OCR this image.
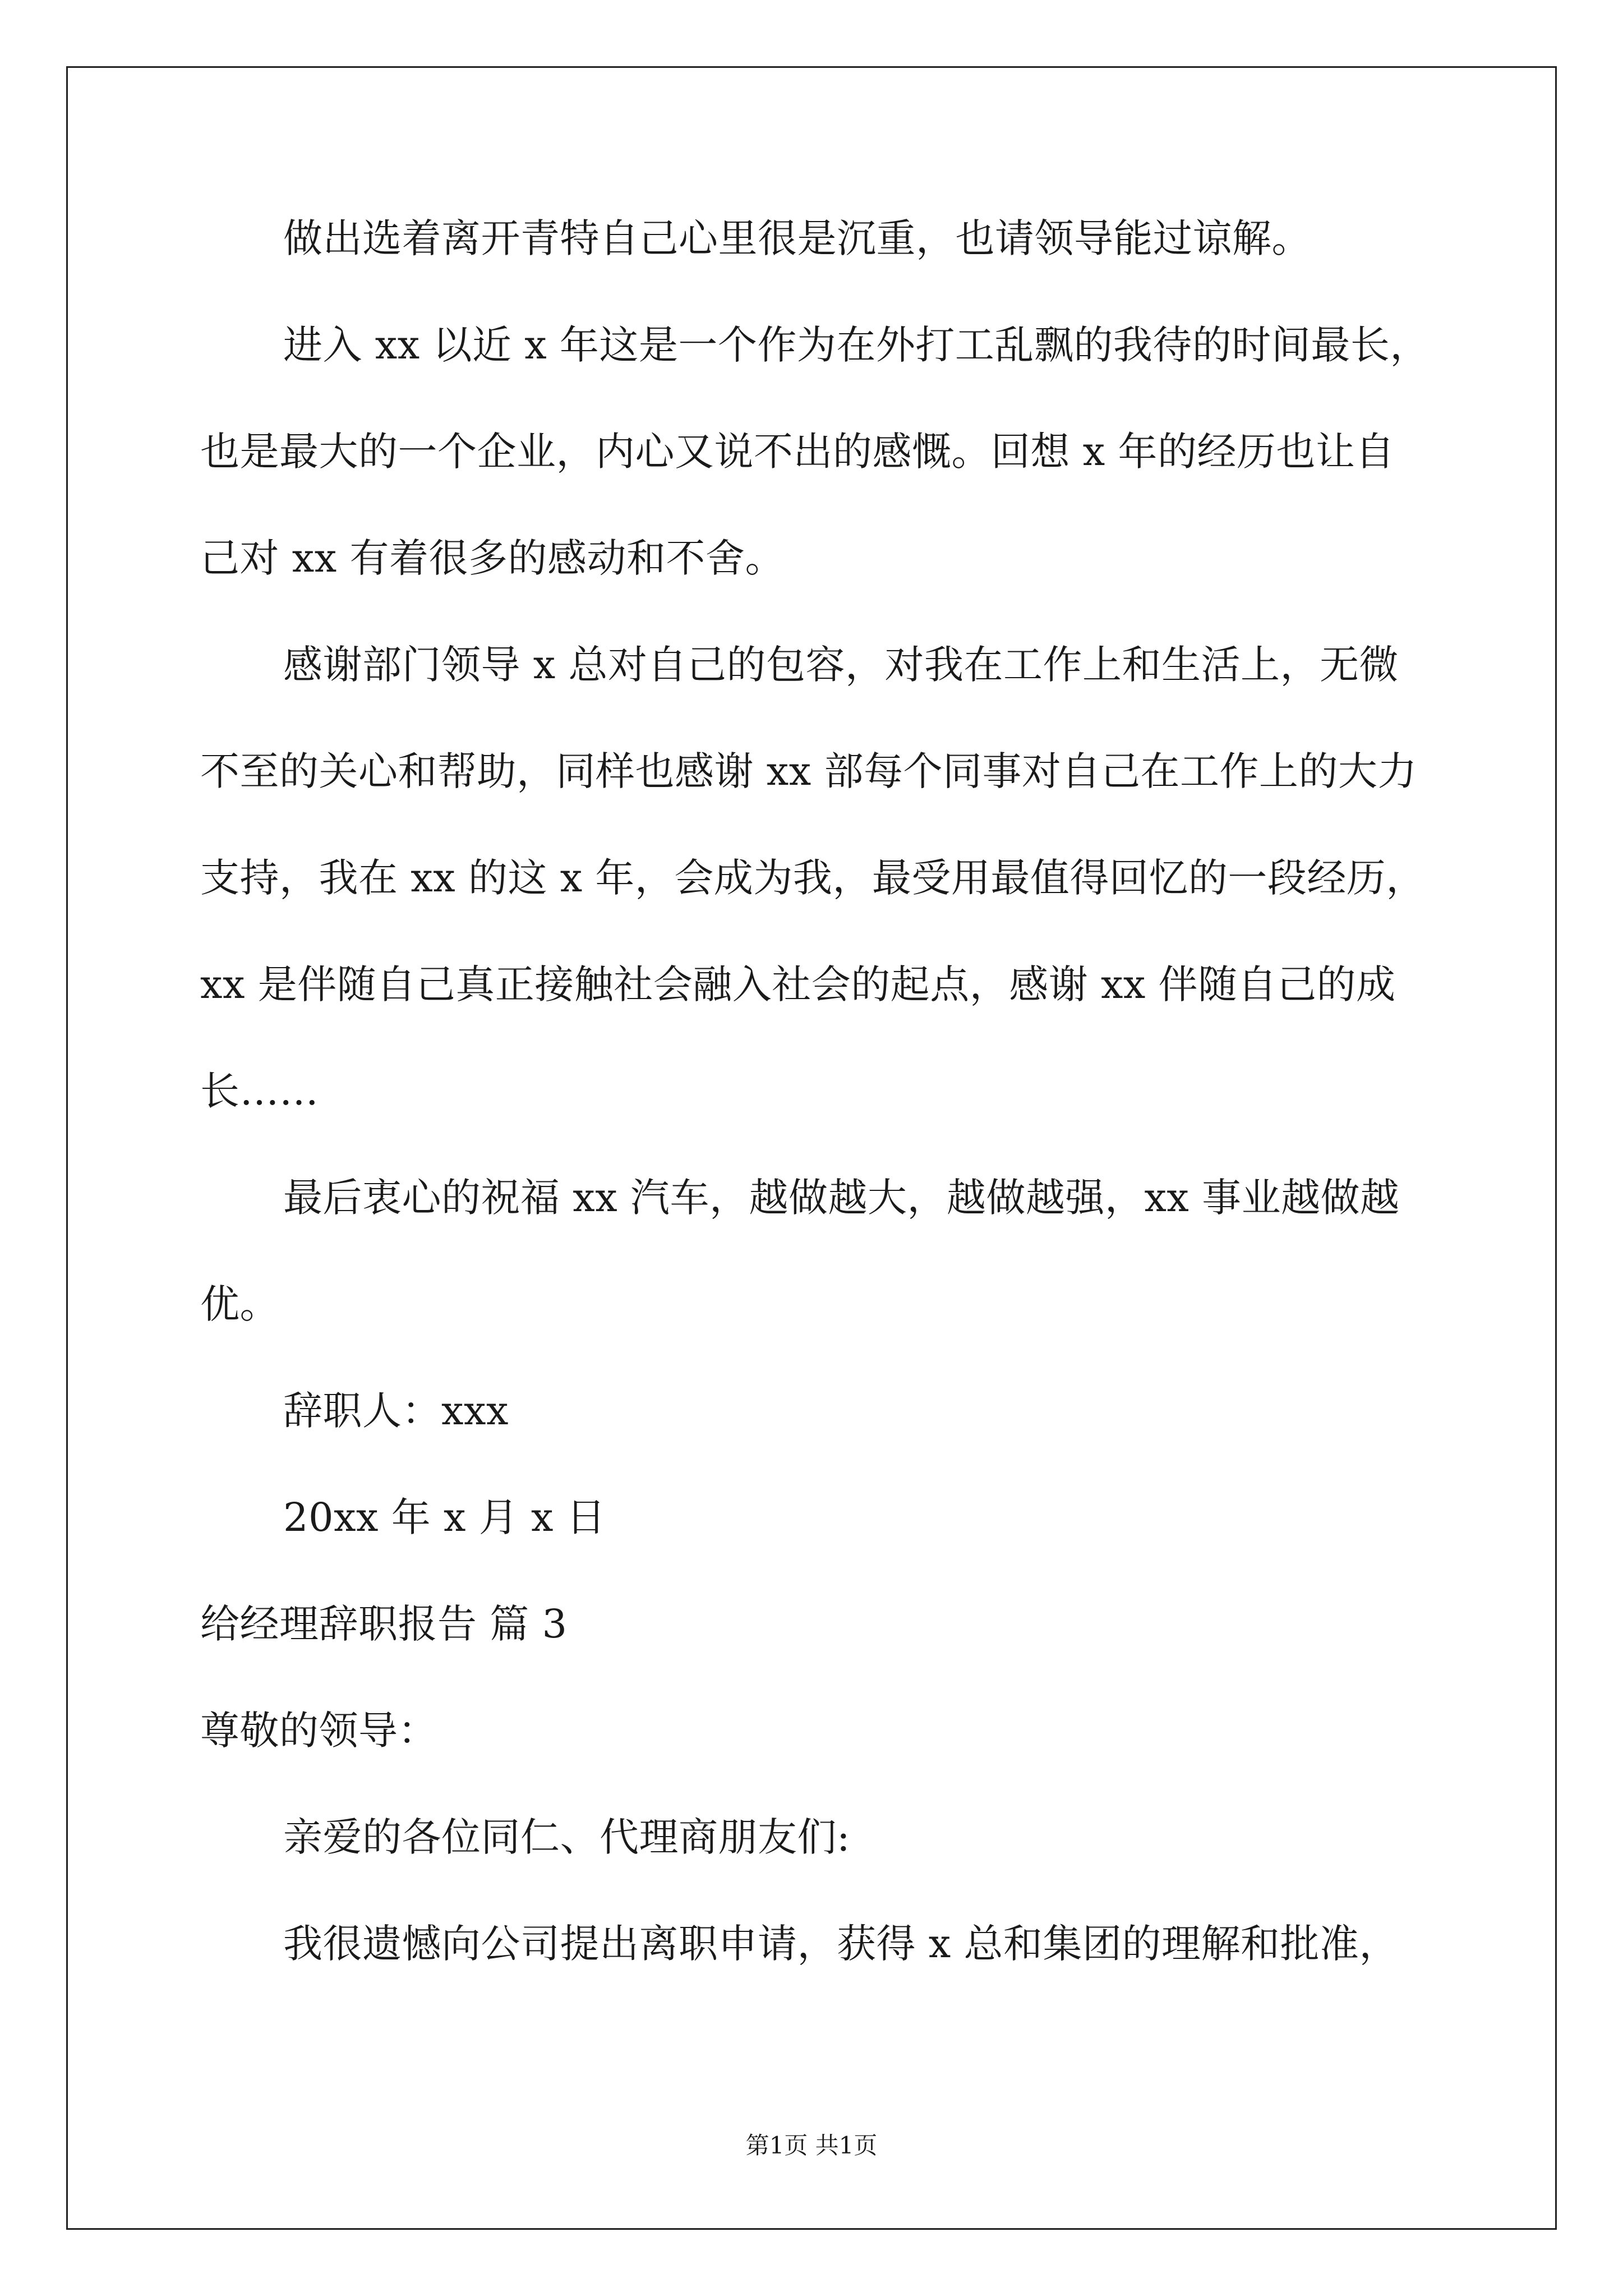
做出选着离开青特自己心里很是沉重，也请领导能过谅解。
进入 xx 以近 x 年这是一个作为在外打工乱飘的我待的时间最长，
也是最大的一个企业，内心又说不出的感慨。回想 x 年的经历也让自
己对 xx 有着很多的感动和不舍。
感谢部门领导 x 总对自己的包容，对我在工作上和生活上，无微
不至的关心和帮助，同样也感谢 xx 部每个同事对自己在工作上的大力
支持，我在 xx 的这 x 年，会成为我，最受用最值得回忆的一段经历，
xx 是伴随自己真正接触社会融入社会的起点，感谢 xx 伴随自己的成
长……
最后衷心的祝福 xx 汽车，越做越大，越做越强，xx 事业越做越
优。
辞职人：xxx
20xx 年 x 月 x 日
给经理辞职报告 篇 3
尊敬的领导：
亲爱的各位同仁、代理商朋友们:
我很遗憾向公司提出离职申请，获得 x 总和集团的理解和批准，
第1页 共1页
